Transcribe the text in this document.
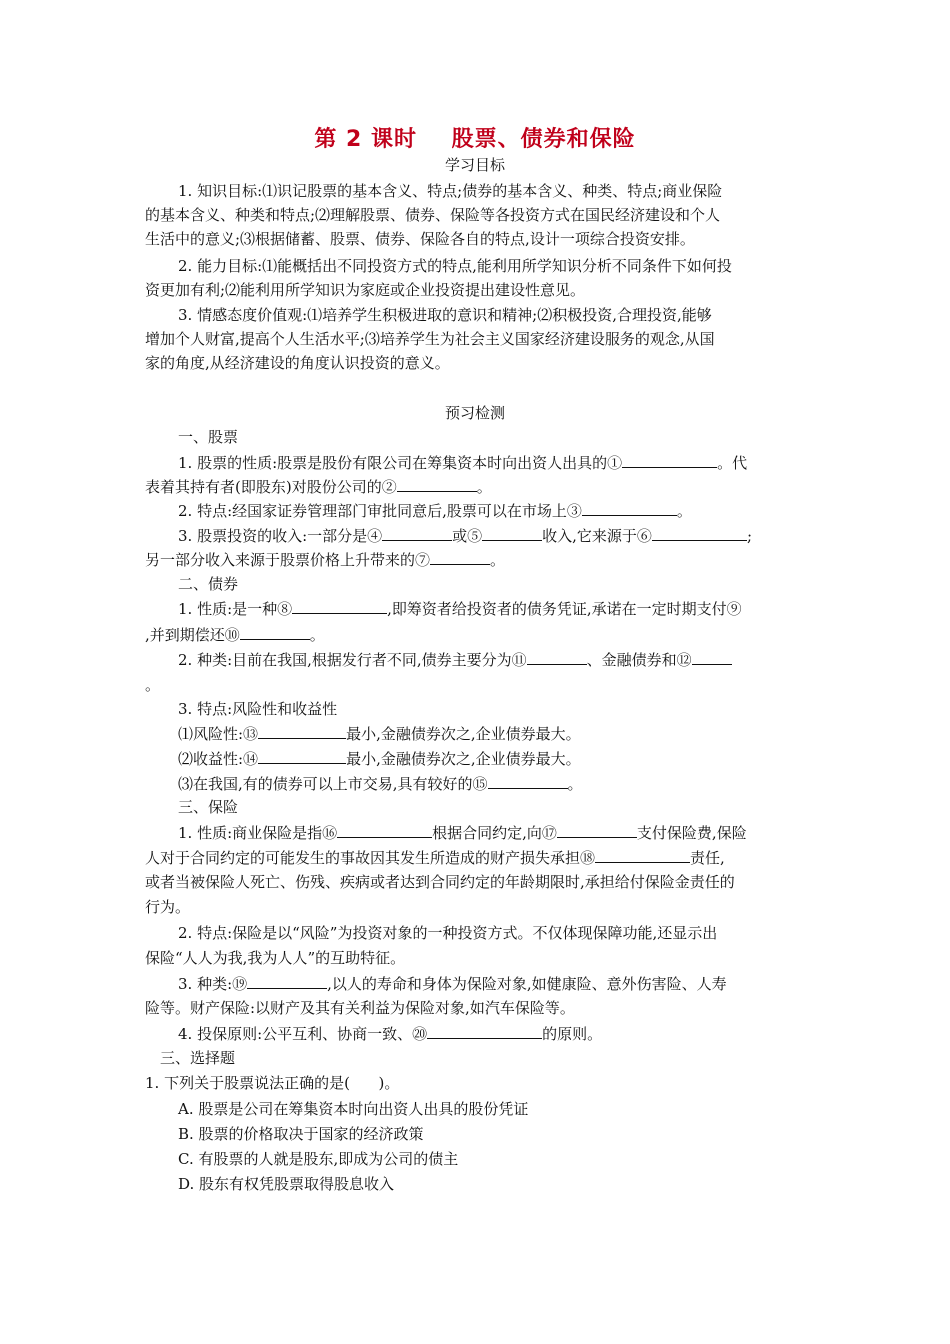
第 2 课时    股票、债券和保险
学习目标
1. 知识目标:⑴识记股票的基本含义、特点;债券的基本含义、种类、特点;商业保险
的基本含义、种类和特点;⑵理解股票、债券、保险等各投资方式在国民经济建设和个人
生活中的意义;⑶根据储蓄、股票、债券、保险各自的特点,设计一项综合投资安排。
2. 能力目标:⑴能概括出不同投资方式的特点,能利用所学知识分析不同条件下如何投
资更加有利;⑵能利用所学知识为家庭或企业投资提出建设性意见。
3. 情感态度价值观:⑴培养学生积极进取的意识和精神;⑵积极投资,合理投资,能够
增加个人财富,提高个人生活水平;⑶培养学生为社会主义国家经济建设服务的观念,从国
家的角度,从经济建设的角度认识投资的意义。
预习检测
一、股票
1. 股票的性质:股票是股份有限公司在筹集资本时向出资人出具的①	。代
表着其持有者(即股东)对股份公司的②	。
2. 特点:经国家证券管理部门审批同意后,股票可以在市场上③	。
3. 股票投资的收入:一部分是④	或⑤	收入,它来源于⑥	;
另一部分收入来源于股票价格上升带来的⑦	。
二、债券
1. 性质:是一种⑧	,即筹资者给投资者的债务凭证,承诺在一定时期支付⑨
,并到期偿还⑩	。
2. 种类:目前在我国,根据发行者不同,债券主要分为⑪	、金融债券和⑫
。
3. 特点:风险性和收益性
⑴风险性:⑬	最小,金融债券次之,企业债券最大。
⑵收益性:⑭	最小,金融债券次之,企业债券最大。
⑶在我国,有的债券可以上市交易,具有较好的⑮	。
三、保险
1. 性质:商业保险是指⑯	根据合同约定,向⑰	支付保险费,保险
人对于合同约定的可能发生的事故因其发生所造成的财产损失承担⑱	责任,
或者当被保险人死亡、伤残、疾病或者达到合同约定的年龄期限时,承担给付保险金责任的
行为。
2. 特点:保险是以“风险”为投资对象的一种投资方式。不仅体现保障功能,还显示出
保险“人人为我,我为人人”的互助特征。
3. 种类:⑲	,以人的寿命和身体为保险对象,如健康险、意外伤害险、人寿
险等。财产保险:以财产及其有关利益为保险对象,如汽车保险等。
4. 投保原则:公平互利、协商一致、⑳	的原则。
三、选择题
1. 下列关于股票说法正确的是(      )。
A. 股票是公司在筹集资本时向出资人出具的股份凭证
B. 股票的价格取决于国家的经济政策
C. 有股票的人就是股东,即成为公司的债主
D. 股东有权凭股票取得股息收入
